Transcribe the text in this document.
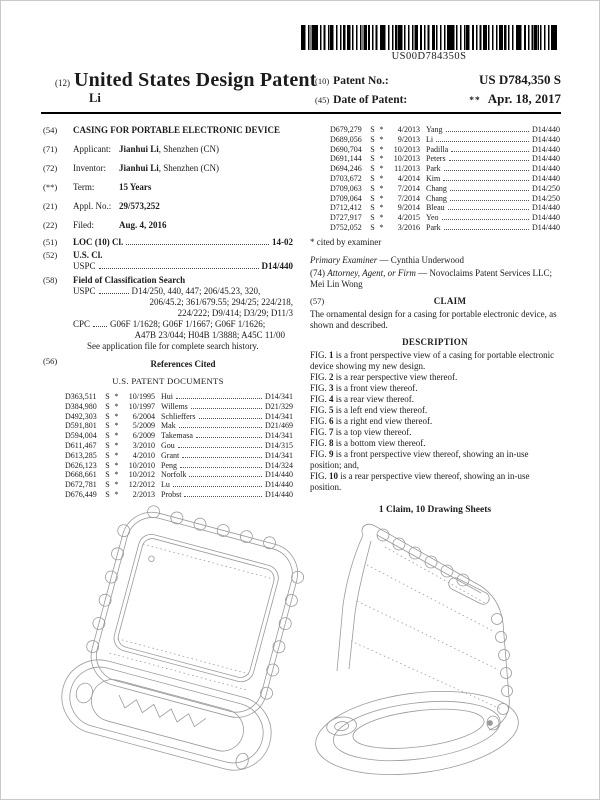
US00D784350S
(12) United States Design Patent
Li
(10) Patent No.:	US D784,350 S
(45) Date of Patent:	** Apr. 18, 2017
(54)	CASING FOR PORTABLE ELECTRONIC DEVICE
(71)	Applicant: Jianhui Li, Shenzhen (CN)
(72)	Inventor: Jianhui Li, Shenzhen (CN)
(**)	Term:	15 Years
(21)	Appl. No.: 29/573,252
(22)	Filed:	Aug. 4, 2016
(51)	LOC (10) Cl.	14-02
(52)	U.S. Cl.
USPC	D14/440
(58)	Field of Classification Search
USPC	D14/250, 440, 447; 206/45.23, 320,
206/45.2; 361/679.55; 294/25; 224/218,
224/222; D9/414; D3/29; D11/3
CPC G06F 1/1628; G06F 1/1667; G06F 1/1626;
A47B 23/044; H04B 1/3888; A45C 11/00
See application file for complete search history.
(56)	References Cited
U.S. PATENT DOCUMENTS
D363,511	S *	10/1995 Hui	D14/341
D384,980	S *	10/1997 Willems	D21/329
D492,303	S *	6/2004 Schlieffers	D14/341
D591,801	S *	5/2009 Mak	D21/469
D594,004	S *	6/2009 Takemasa	D14/341
D611,467	S *	3/2010 Gou	D14/315
D613,285	S *	4/2010 Grant	D14/341
D626,123	S *	10/2010 Peng	D14/324
D668,661	S *	10/2012 Norfolk	D14/440
D672,781	S *	12/2012 Lu	D14/440
D676,449	S *	2/2013 Probst	D14/440
D679,279	S *	4/2013 Yang	D14/440
D689,056	S *	9/2013 Li	D14/440
D690,704	S *	10/2013 Padilla	D14/440
D691,144	S *	10/2013 Peters	D14/440
D694,246	S *	11/2013 Park	D14/440
D703,672	S *	4/2014 Kim	D14/440
D709,063	S *	7/2014 Chang	D14/250
D709,064	S *	7/2014 Chang	D14/250
D712,412	S *	9/2014 Bleau	D14/440
D727,917	S *	4/2015 Yeo	D14/440
D752,052	S *	3/2016 Park	D14/440
* cited by examiner
Primary Examiner — Cynthia Underwood
(74) Attorney, Agent, or Firm — Novoclaims Patent Services LLC; Mei Lin Wong
(57)	CLAIM
The ornamental design for a casing for portable electronic device, as shown and described.
DESCRIPTION
FIG. 1 is a front perspective view of a casing for portable electronic device showing my new design.
FIG. 2 is a rear perspective view thereof.
FIG. 3 is a front view thereof.
FIG. 4 is a rear view thereof.
FIG. 5 is a left end view thereof.
FIG. 6 is a right end view thereof.
FIG. 7 is a top view thereof.
FIG. 8 is a bottom view thereof.
FIG. 9 is a front perspective view thereof, showing an in-use position; and,
FIG. 10 is a rear perspective view thereof, showing an in-use position.
1 Claim, 10 Drawing Sheets
